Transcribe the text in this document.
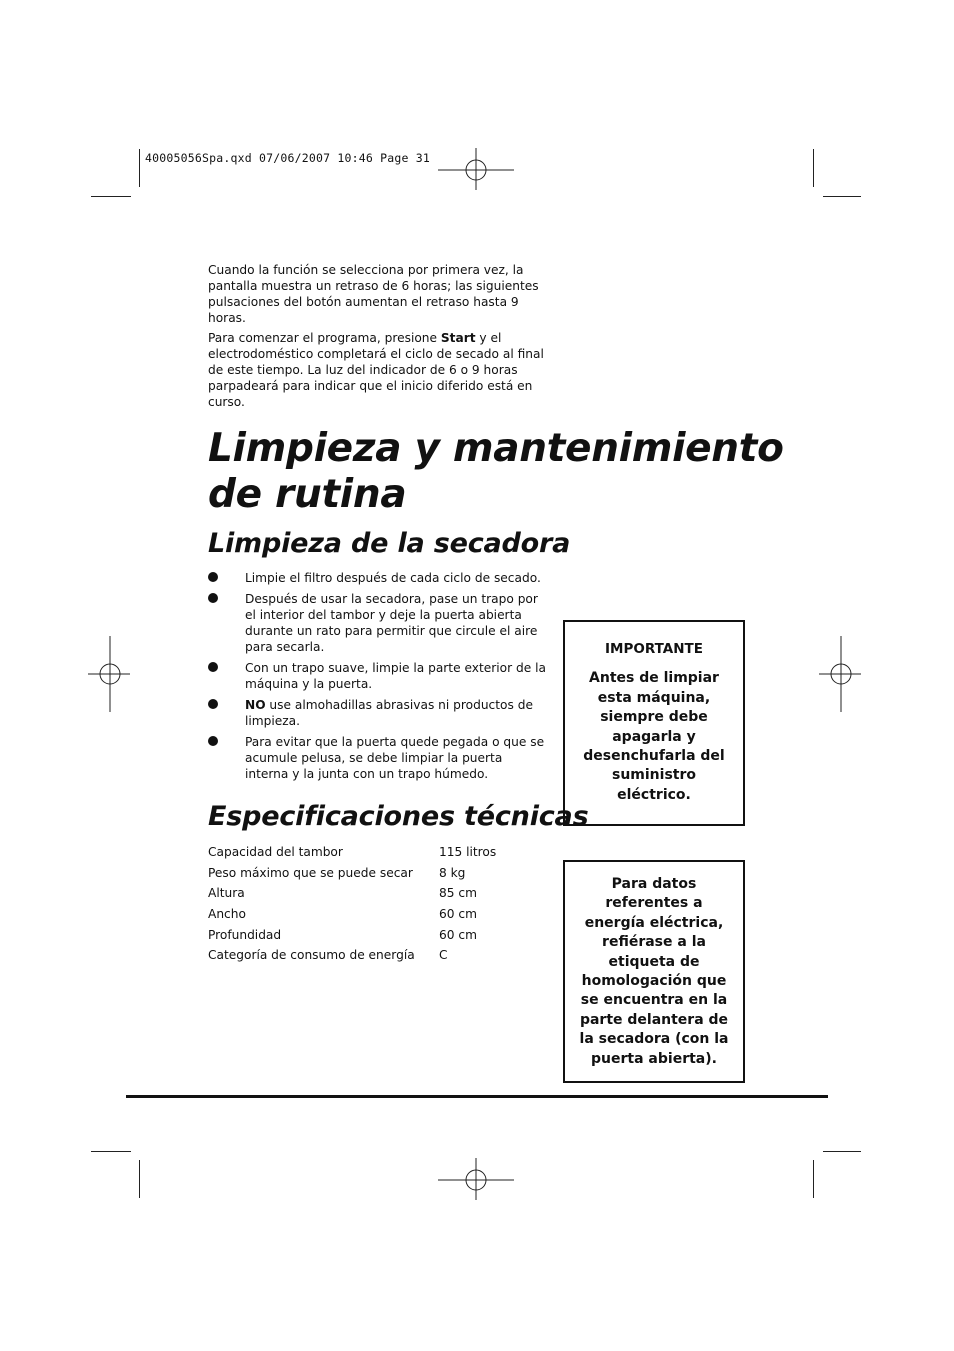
40005056Spa.qxd 07/06/2007 10:46 Page 31

Cuando la función se selecciona por primera vez, la pantalla muestra un retraso de 6 horas; las siguientes pulsaciones del botón aumentan el retraso hasta 9 horas.

Para comenzar el programa, presione Start y el electrodoméstico completará el ciclo de secado al final de este tiempo. La luz del indicador de 6 o 9 horas parpadeará para indicar que el inicio diferido está en curso.

Limpieza y mantenimiento de rutina
Limpieza de la secadora
Limpie el filtro después de cada ciclo de secado.
Después de usar la secadora, pase un trapo por el interior del tambor y deje la puerta abierta durante un rato para permitir que circule el aire para secarla.
Con un trapo suave, limpie la parte exterior de la máquina y la puerta.
NO use almohadillas abrasivas ni productos de limpieza.
Para evitar que la puerta quede pegada o que se acumule pelusa, se debe limpiar la puerta interna y la junta con un trapo húmedo.
Especificaciones técnicas
Capacidad del tambor	115 litros
Peso máximo que se puede secar	8 kg
Altura	85 cm
Ancho	60 cm
Profundidad	60 cm
Categoría de consumo de energía	C
IMPORTANTE
Antes de limpiar esta máquina, siempre debe apagarla y desenchufarla del suministro eléctrico.
Para datos referentes a energía eléctrica, refiérase a la etiqueta de homologación que se encuentra en la parte delantera de la secadora (con la puerta abierta).
